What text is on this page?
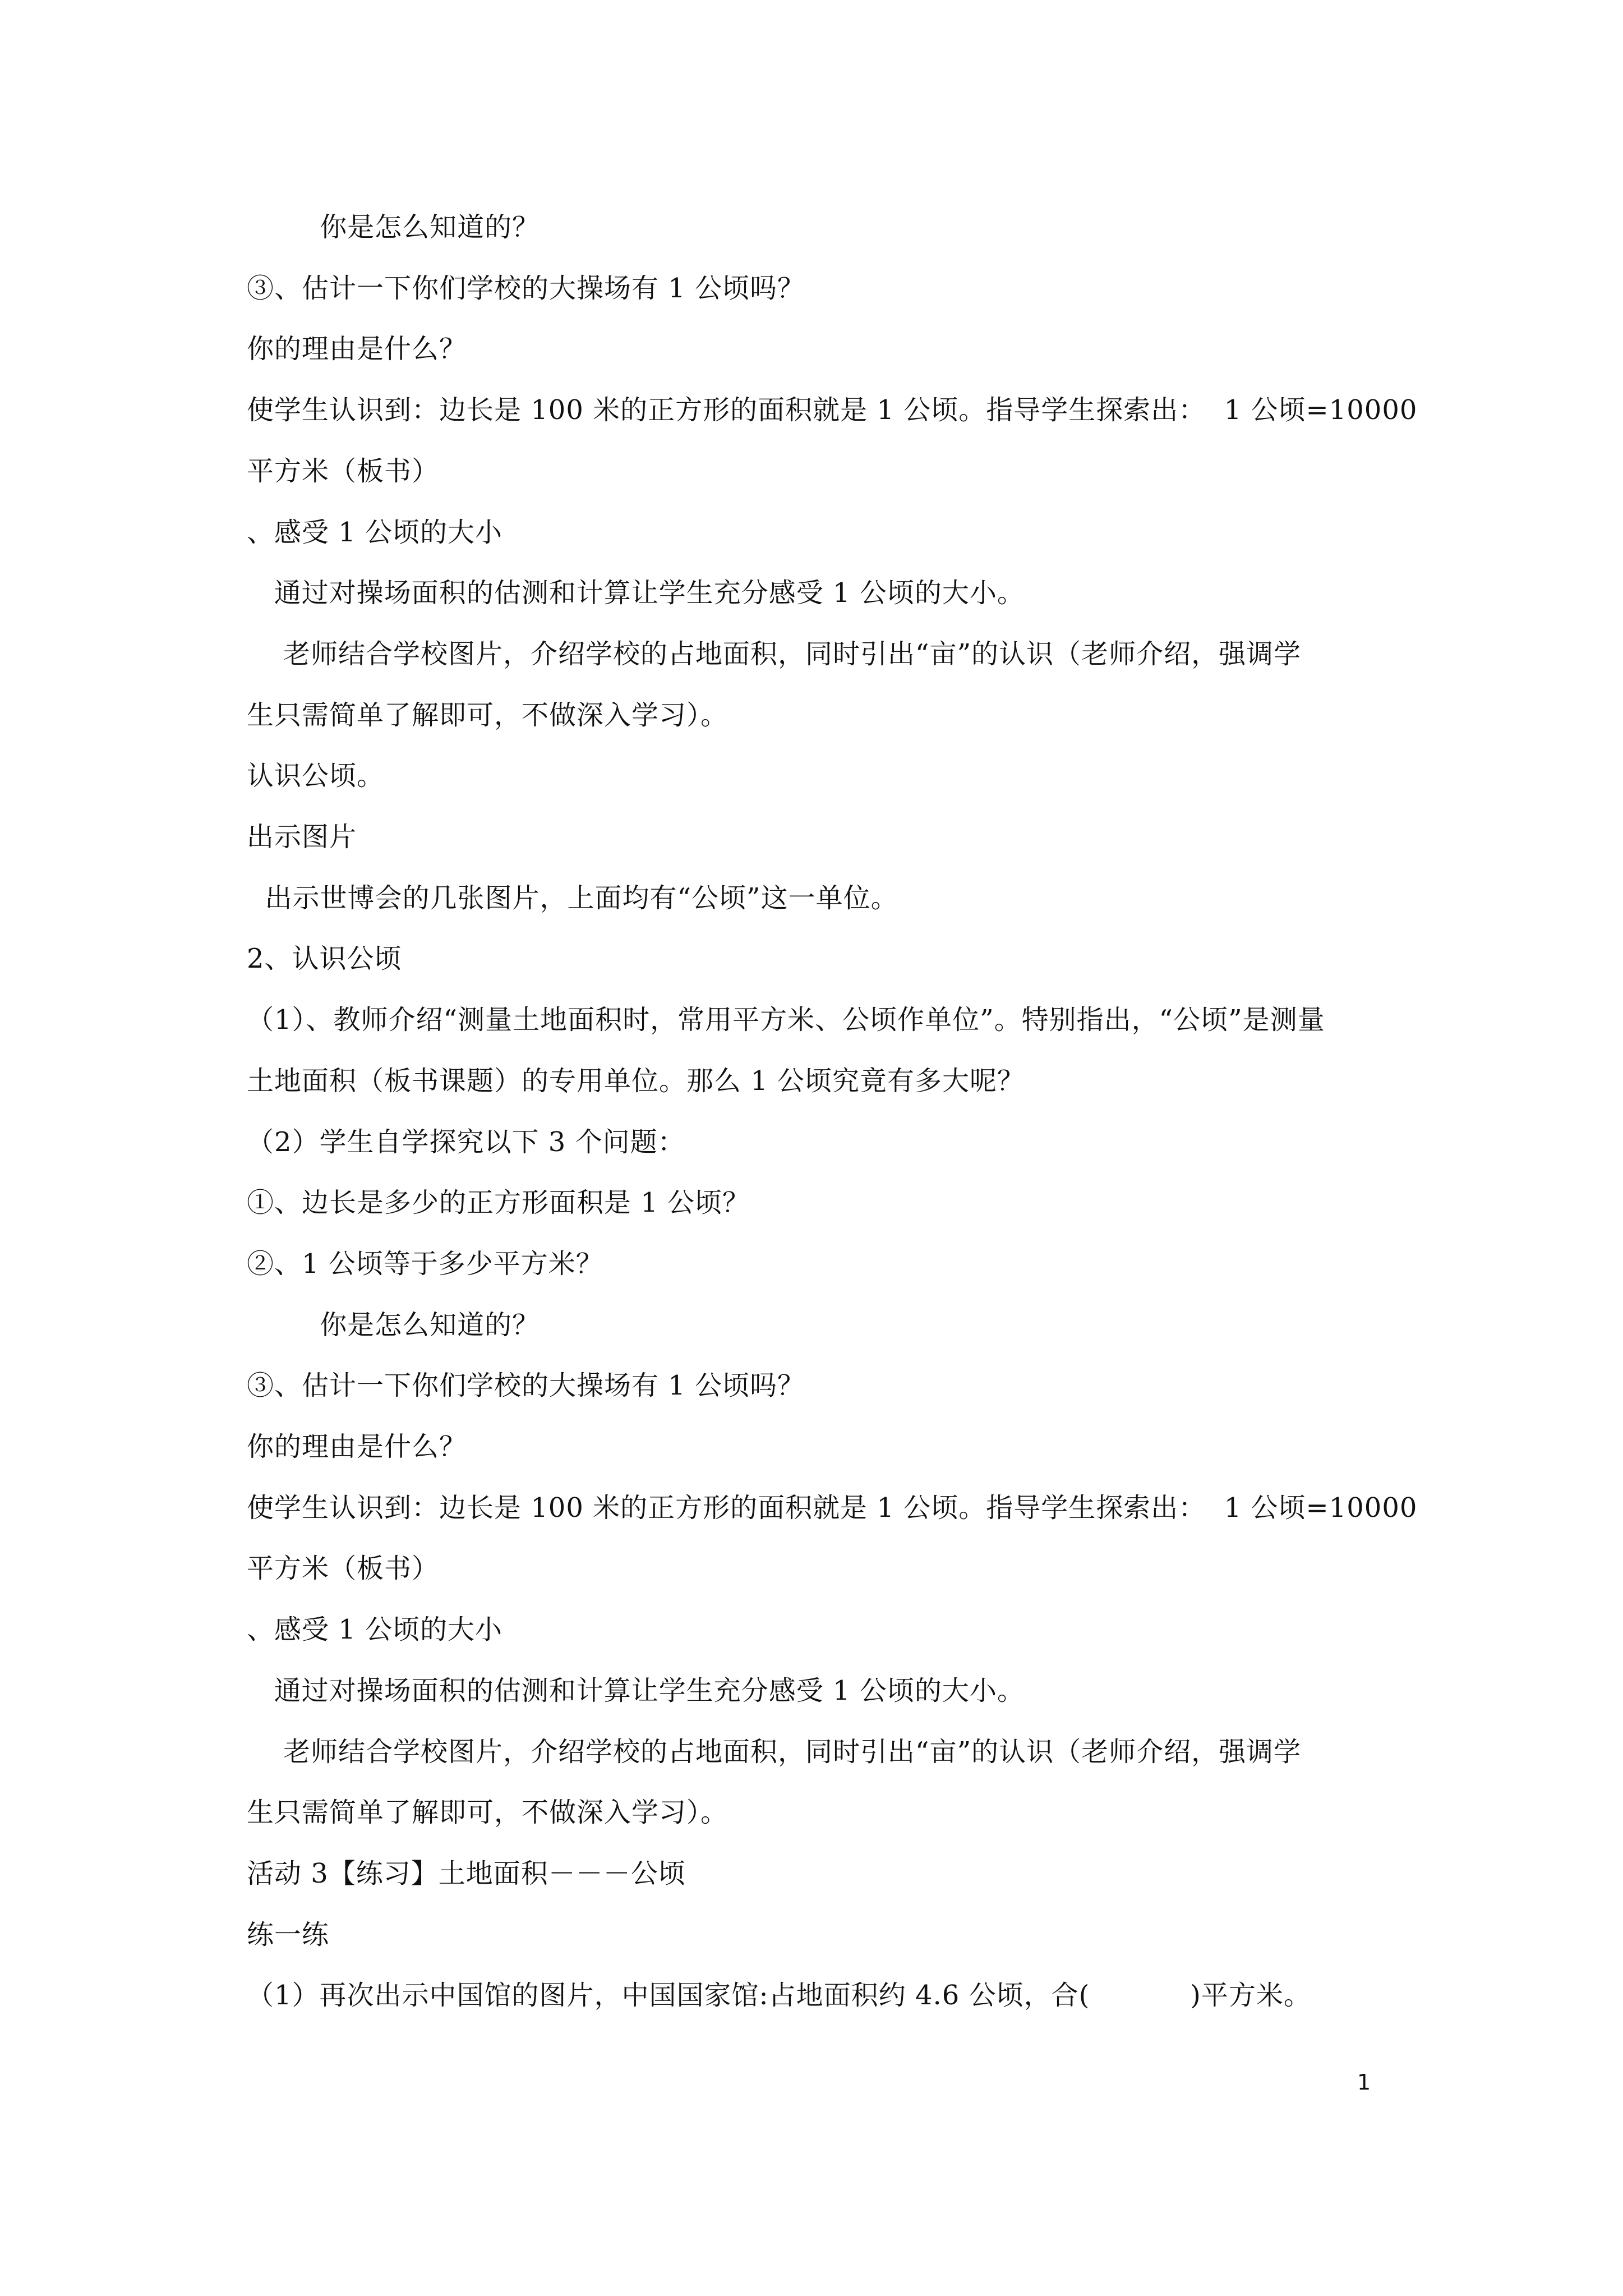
你是怎么知道的？
③、估计一下你们学校的大操场有 1 公顷吗？
你的理由是什么？
使学生认识到：边长是 100 米的正方形的面积就是 1 公顷。指导学生探索出：  1 公顷=10000
平方米（板书）
、感受 1 公顷的大小
通过对操场面积的估测和计算让学生充分感受 1 公顷的大小。
老师结合学校图片，介绍学校的占地面积，同时引出“亩”的认识（老师介绍，强调学
生只需简单了解即可，不做深入学习）。
认识公顷。
出示图片
出示世博会的几张图片，上面均有“公顷”这一单位。
2、认识公顷
（1）、教师介绍“测量土地面积时，常用平方米、公顷作单位”。特别指出，“公顷”是测量
土地面积（板书课题）的专用单位。那么 1 公顷究竟有多大呢？
（2）学生自学探究以下 3 个问题：
①、边长是多少的正方形面积是 1 公顷？
②、1 公顷等于多少平方米？
你是怎么知道的？
③、估计一下你们学校的大操场有 1 公顷吗？
你的理由是什么？
使学生认识到：边长是 100 米的正方形的面积就是 1 公顷。指导学生探索出：  1 公顷=10000
平方米（板书）
、感受 1 公顷的大小
通过对操场面积的估测和计算让学生充分感受 1 公顷的大小。
老师结合学校图片，介绍学校的占地面积，同时引出“亩”的认识（老师介绍，强调学
生只需简单了解即可，不做深入学习）。
活动 3【练习】土地面积－－－公顷
练一练
（1）再次出示中国馆的图片，中国国家馆:占地面积约 4.6 公顷，合(           )平方米。
1
